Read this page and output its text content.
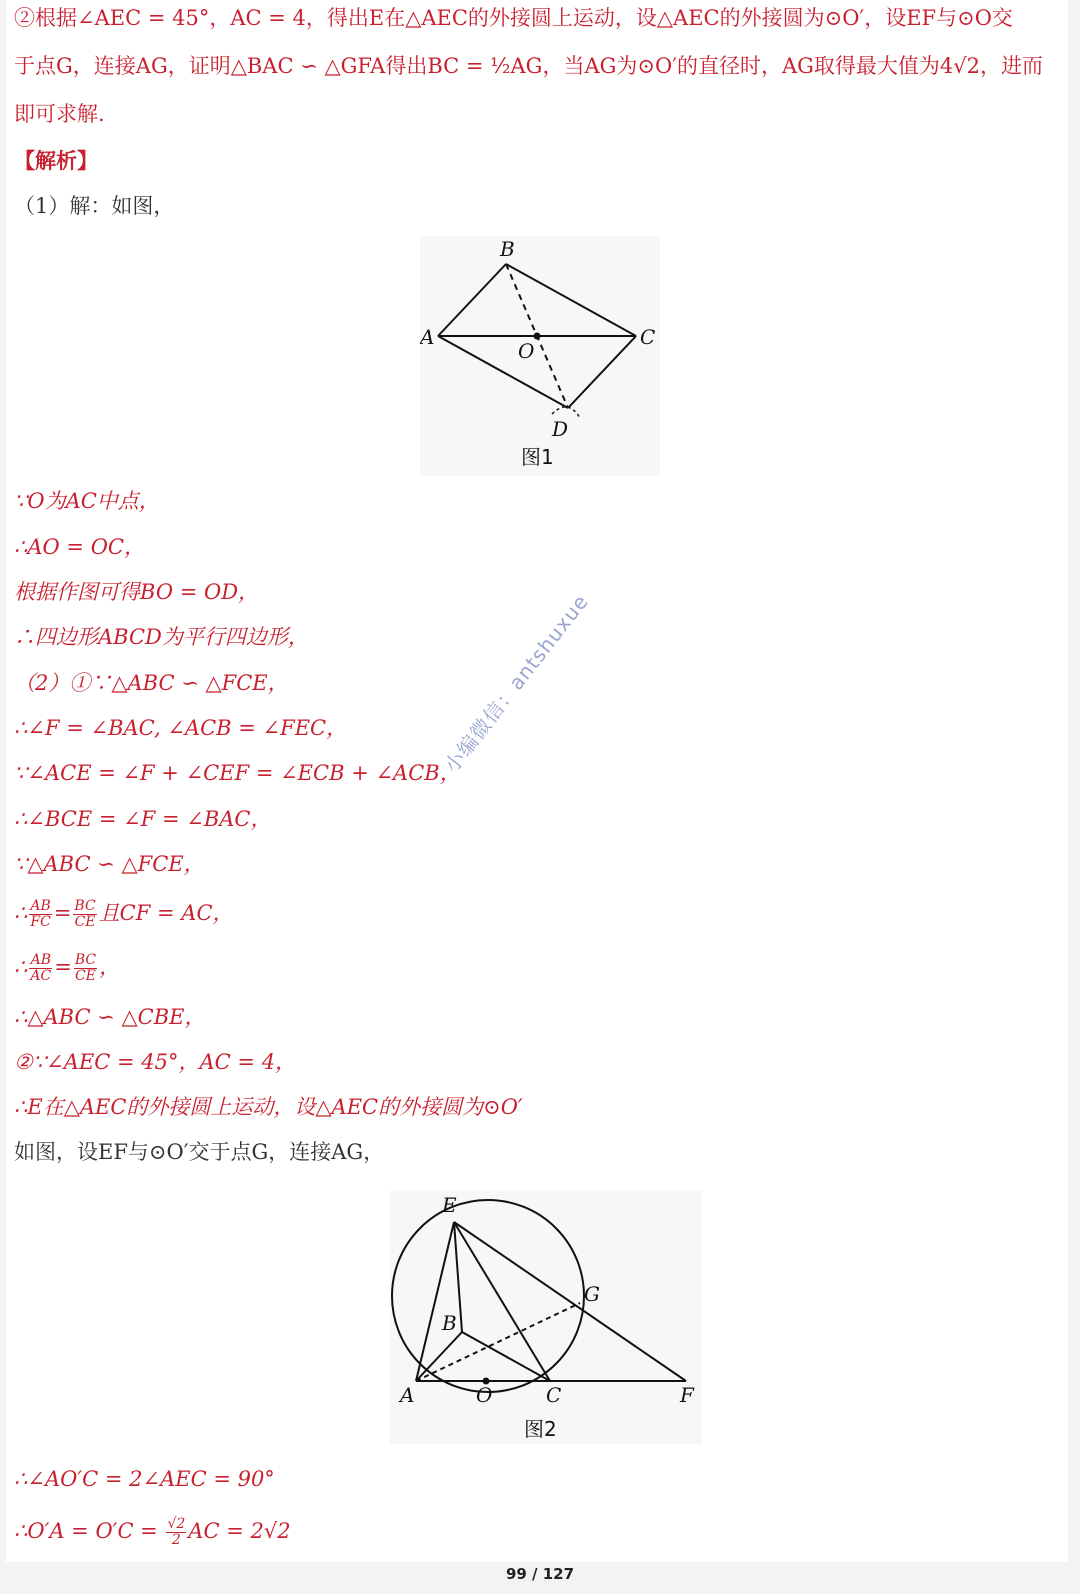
②根据∠AEC = 45°，AC = 4，得出E在△AEC的外接圆上运动，设△AEC的外接圆为⊙O′，设EF与⊙O交
于点G，连接AG，证明△BAC ∽ △GFA得出BC = ½AG，当AG为⊙O′的直径时，AG取得最大值为4√2，进而
即可求解.
【解析】
（1）解：如图，
B
A	C
O
D
图1
∵O为AC中点，
∴AO = OC，
根据作图可得BO = OD，
∴四边形ABCD为平行四边形，
（2）①∵△ABC ∽ △FCE，
∴∠F = ∠BAC, ∠ACB = ∠FEC，
∵∠ACE = ∠F + ∠CEF = ∠ECB + ∠ACB，
∴∠BCE = ∠F = ∠BAC，
∵△ABC ∽ △FCE，
∴ $\frac{AB}{FC} = \frac{BC}{CE}$ 且CF = AC，
∴ $\frac{AB}{AC} = \frac{BC}{CE}$ ，
∴△ABC ∽ △CBE，
②∵∠AEC = 45°，AC = 4，
∴E在△AEC的外接圆上运动，设△AEC的外接圆为⊙O′
如图，设EF与⊙O′交于点G，连接AG，
E
G
B
A	O	C	F
图2
∴∠AO′C = 2∠AEC = 90°
∴O′A = $O'C = \frac{√2}{2}$ AC = 2√2
小编微信：antshuxue
99 / 127
